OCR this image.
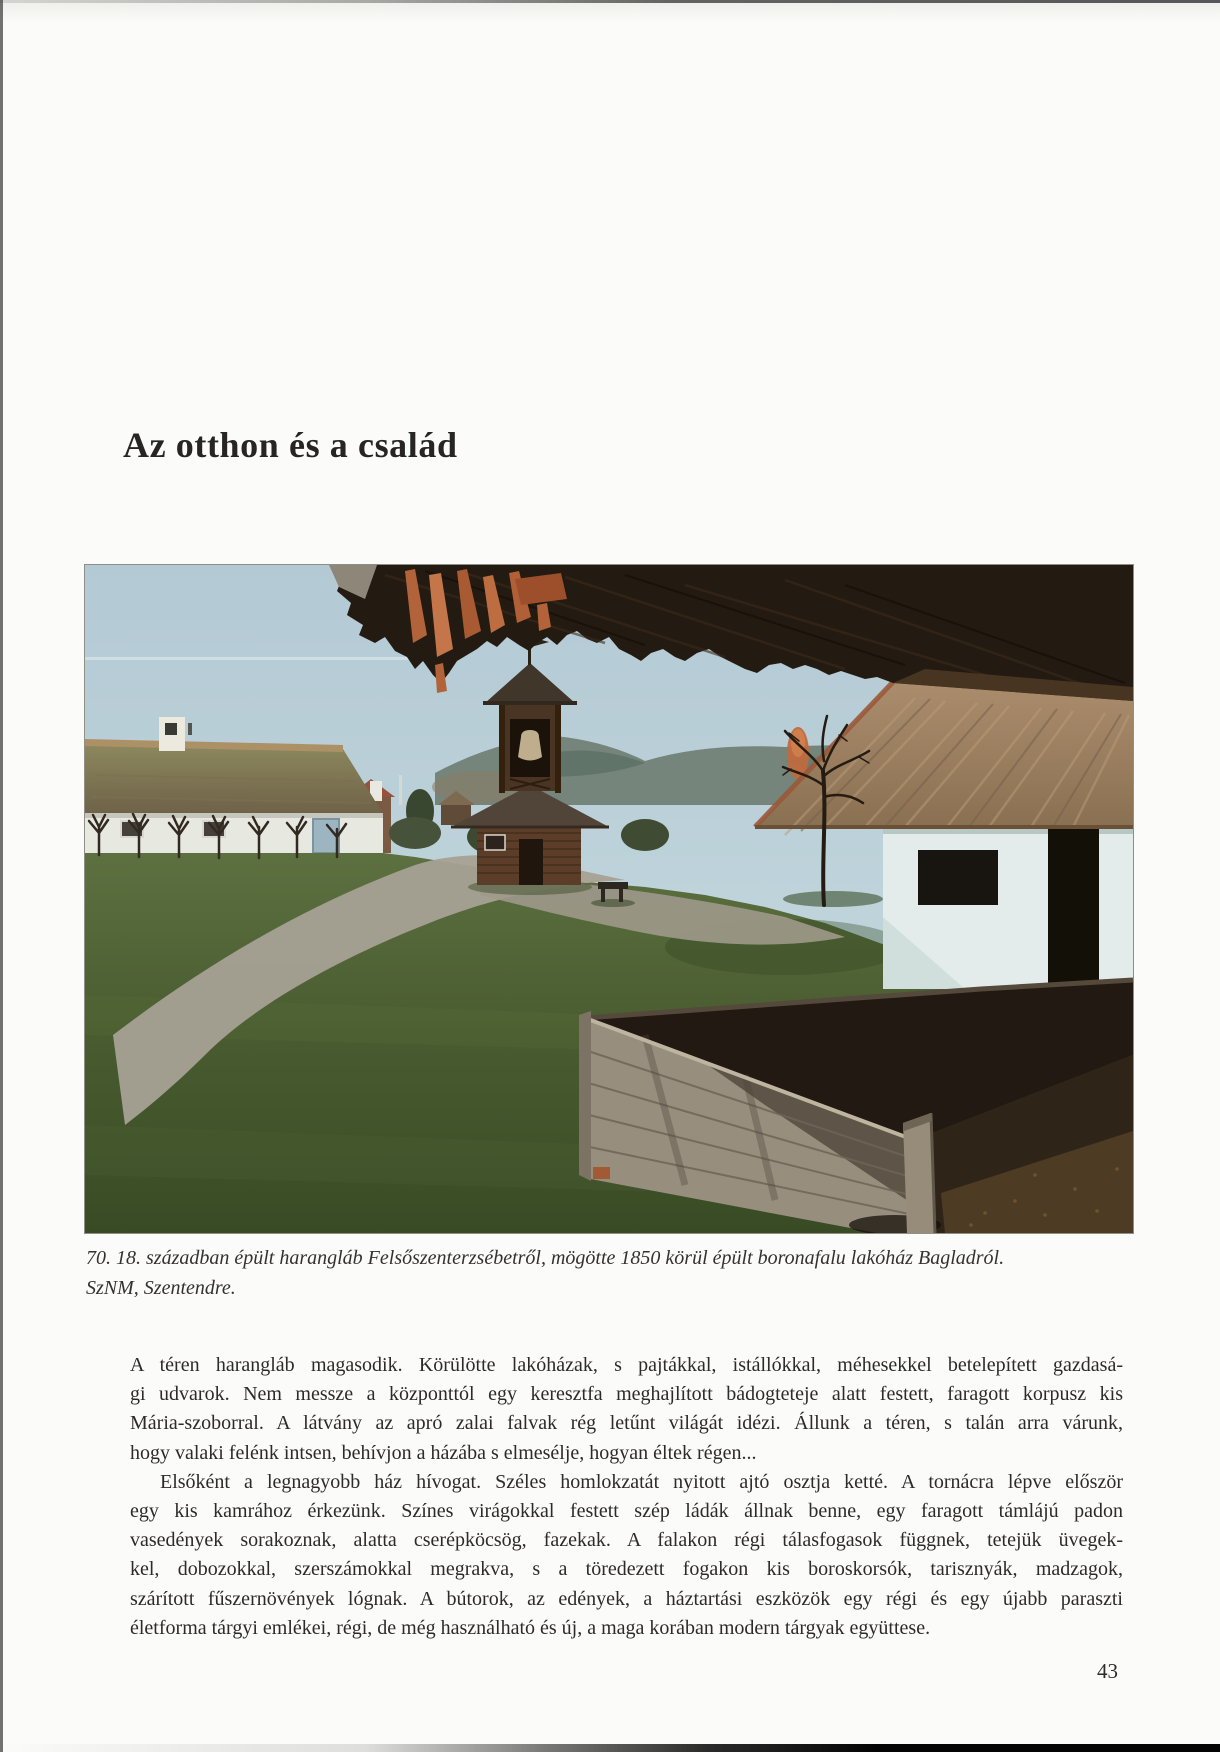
Az otthon és a család
70. 18. században épült harangláb Felsőszenterzsébetről, mögötte 1850 körül épült boronafalu lakóház Bagladról.
SzNM, Szentendre.
A téren harangláb magasodik. Körülötte lakóházak, s pajtákkal, istállókkal, méhesekkel betelepített gazdasá-
gi udvarok. Nem messze a központtól egy keresztfa meghajlított bádogteteje alatt festett, faragott korpusz kis
Mária-szoborral. A látvány az apró zalai falvak rég letűnt világát idézi. Állunk a téren, s talán arra várunk,
hogy valaki felénk intsen, behívjon a házába s elmesélje, hogyan éltek régen...
Elsőként a legnagyobb ház hívogat. Széles homlokzatát nyitott ajtó osztja ketté. A tornácra lépve először
egy kis kamrához érkezünk. Színes virágokkal festett szép ládák állnak benne, egy faragott támlájú padon
vasedények sorakoznak, alatta cserépköcsög, fazekak. A falakon régi tálasfogasok függnek, tetejük üvegek-
kel, dobozokkal, szerszámokkal megrakva, s a töredezett fogakon kis boroskorsók, tarisznyák, madzagok,
szárított fűszernövények lógnak. A bútorok, az edények, a háztartási eszközök egy régi és egy újabb paraszti
életforma tárgyi emlékei, régi, de még használható és új, a maga korában modern tárgyak együttese.
43
